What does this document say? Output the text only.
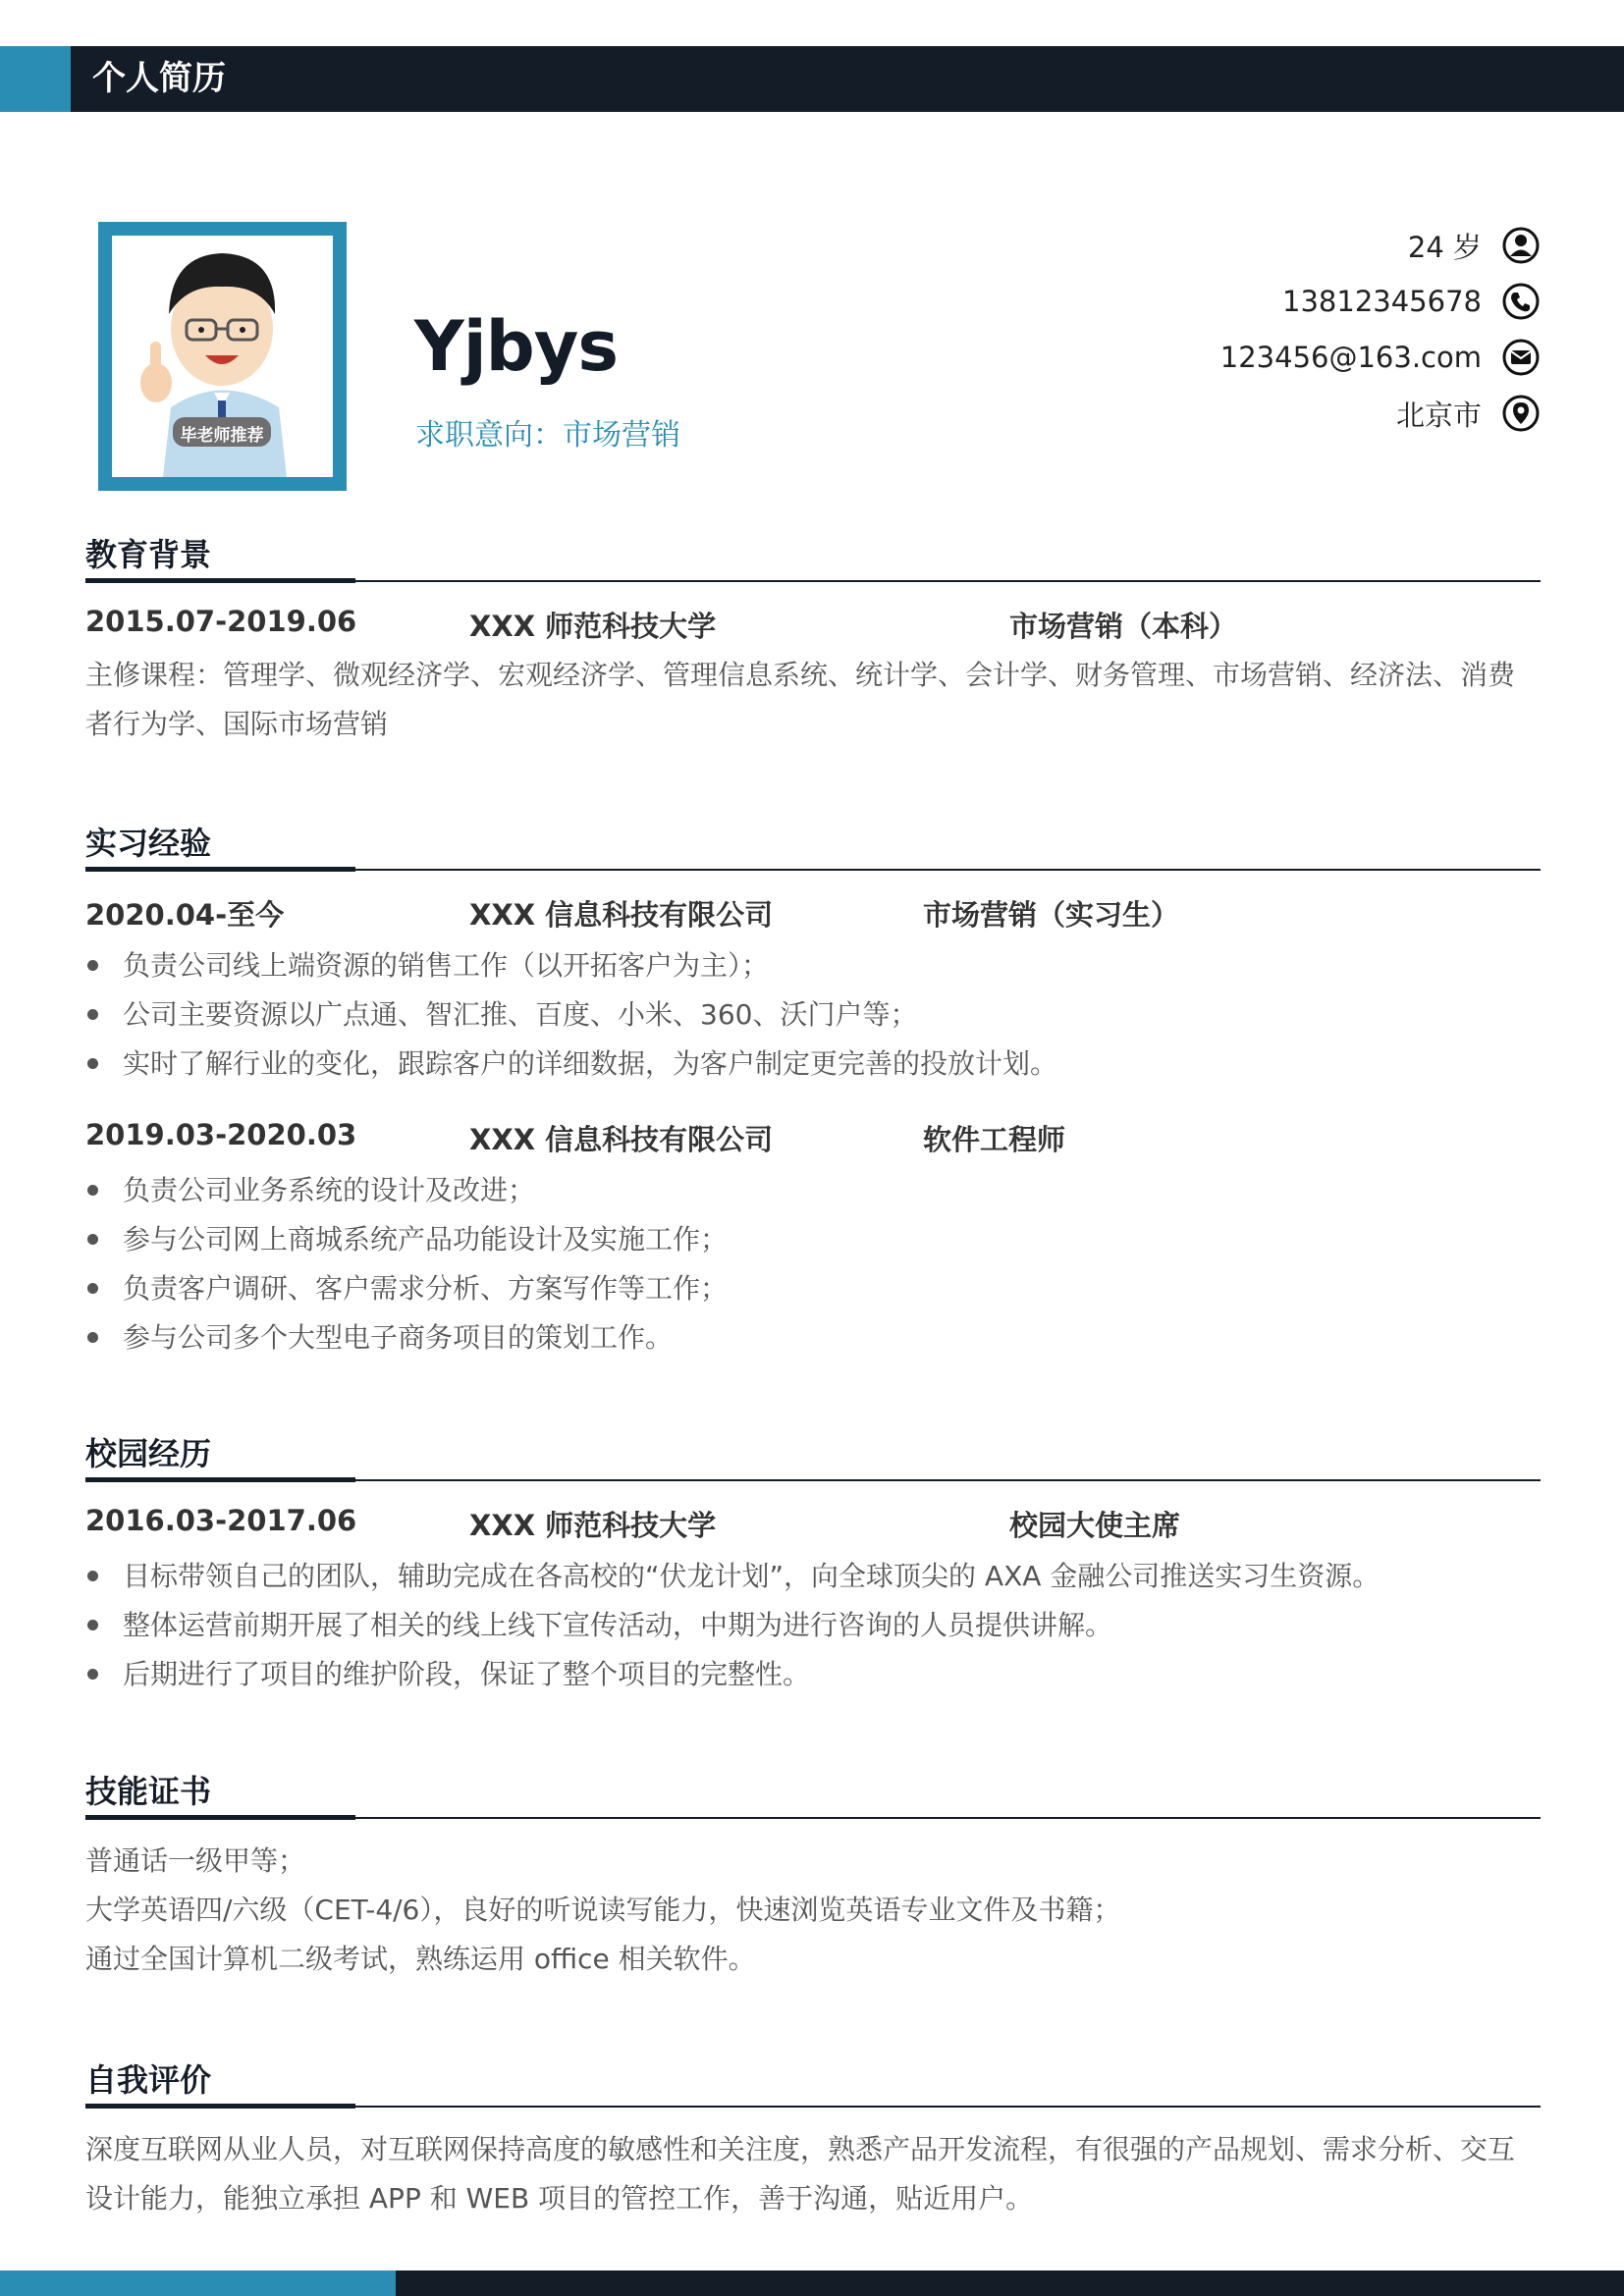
个人简历
毕老师推荐
Yjbys
求职意向：市场营销
24 岁
13812345678
123456@163.com
北京市
教育背景
2015.07-2019.06	XXX 师范科技大学	市场营销（本科）
主修课程：管理学、微观经济学、宏观经济学、管理信息系统、统计学、会计学、财务管理、市场营销、经济法、消费者行为学、国际市场营销
实习经验
2020.04-至今	XXX 信息科技有限公司	市场营销（实习生）
负责公司线上端资源的销售工作（以开拓客户为主）；
公司主要资源以广点通、智汇推、百度、小米、360、沃门户等；
实时了解行业的变化，跟踪客户的详细数据，为客户制定更完善的投放计划。
2019.03-2020.03	XXX 信息科技有限公司	软件工程师
负责公司业务系统的设计及改进；
参与公司网上商城系统产品功能设计及实施工作；
负责客户调研、客户需求分析、方案写作等工作；
参与公司多个大型电子商务项目的策划工作。
校园经历
2016.03-2017.06	XXX 师范科技大学	校园大使主席
目标带领自己的团队，辅助完成在各高校的“伏龙计划”，向全球顶尖的 AXA 金融公司推送实习生资源。
整体运营前期开展了相关的线上线下宣传活动，中期为进行咨询的人员提供讲解。
后期进行了项目的维护阶段，保证了整个项目的完整性。
技能证书
普通话一级甲等；
大学英语四/六级（CET-4/6），良好的听说读写能力，快速浏览英语专业文件及书籍；
通过全国计算机二级考试，熟练运用 office 相关软件。
自我评价
深度互联网从业人员，对互联网保持高度的敏感性和关注度，熟悉产品开发流程，有很强的产品规划、需求分析、交互设计能力，能独立承担 APP 和 WEB 项目的管控工作，善于沟通，贴近用户。
